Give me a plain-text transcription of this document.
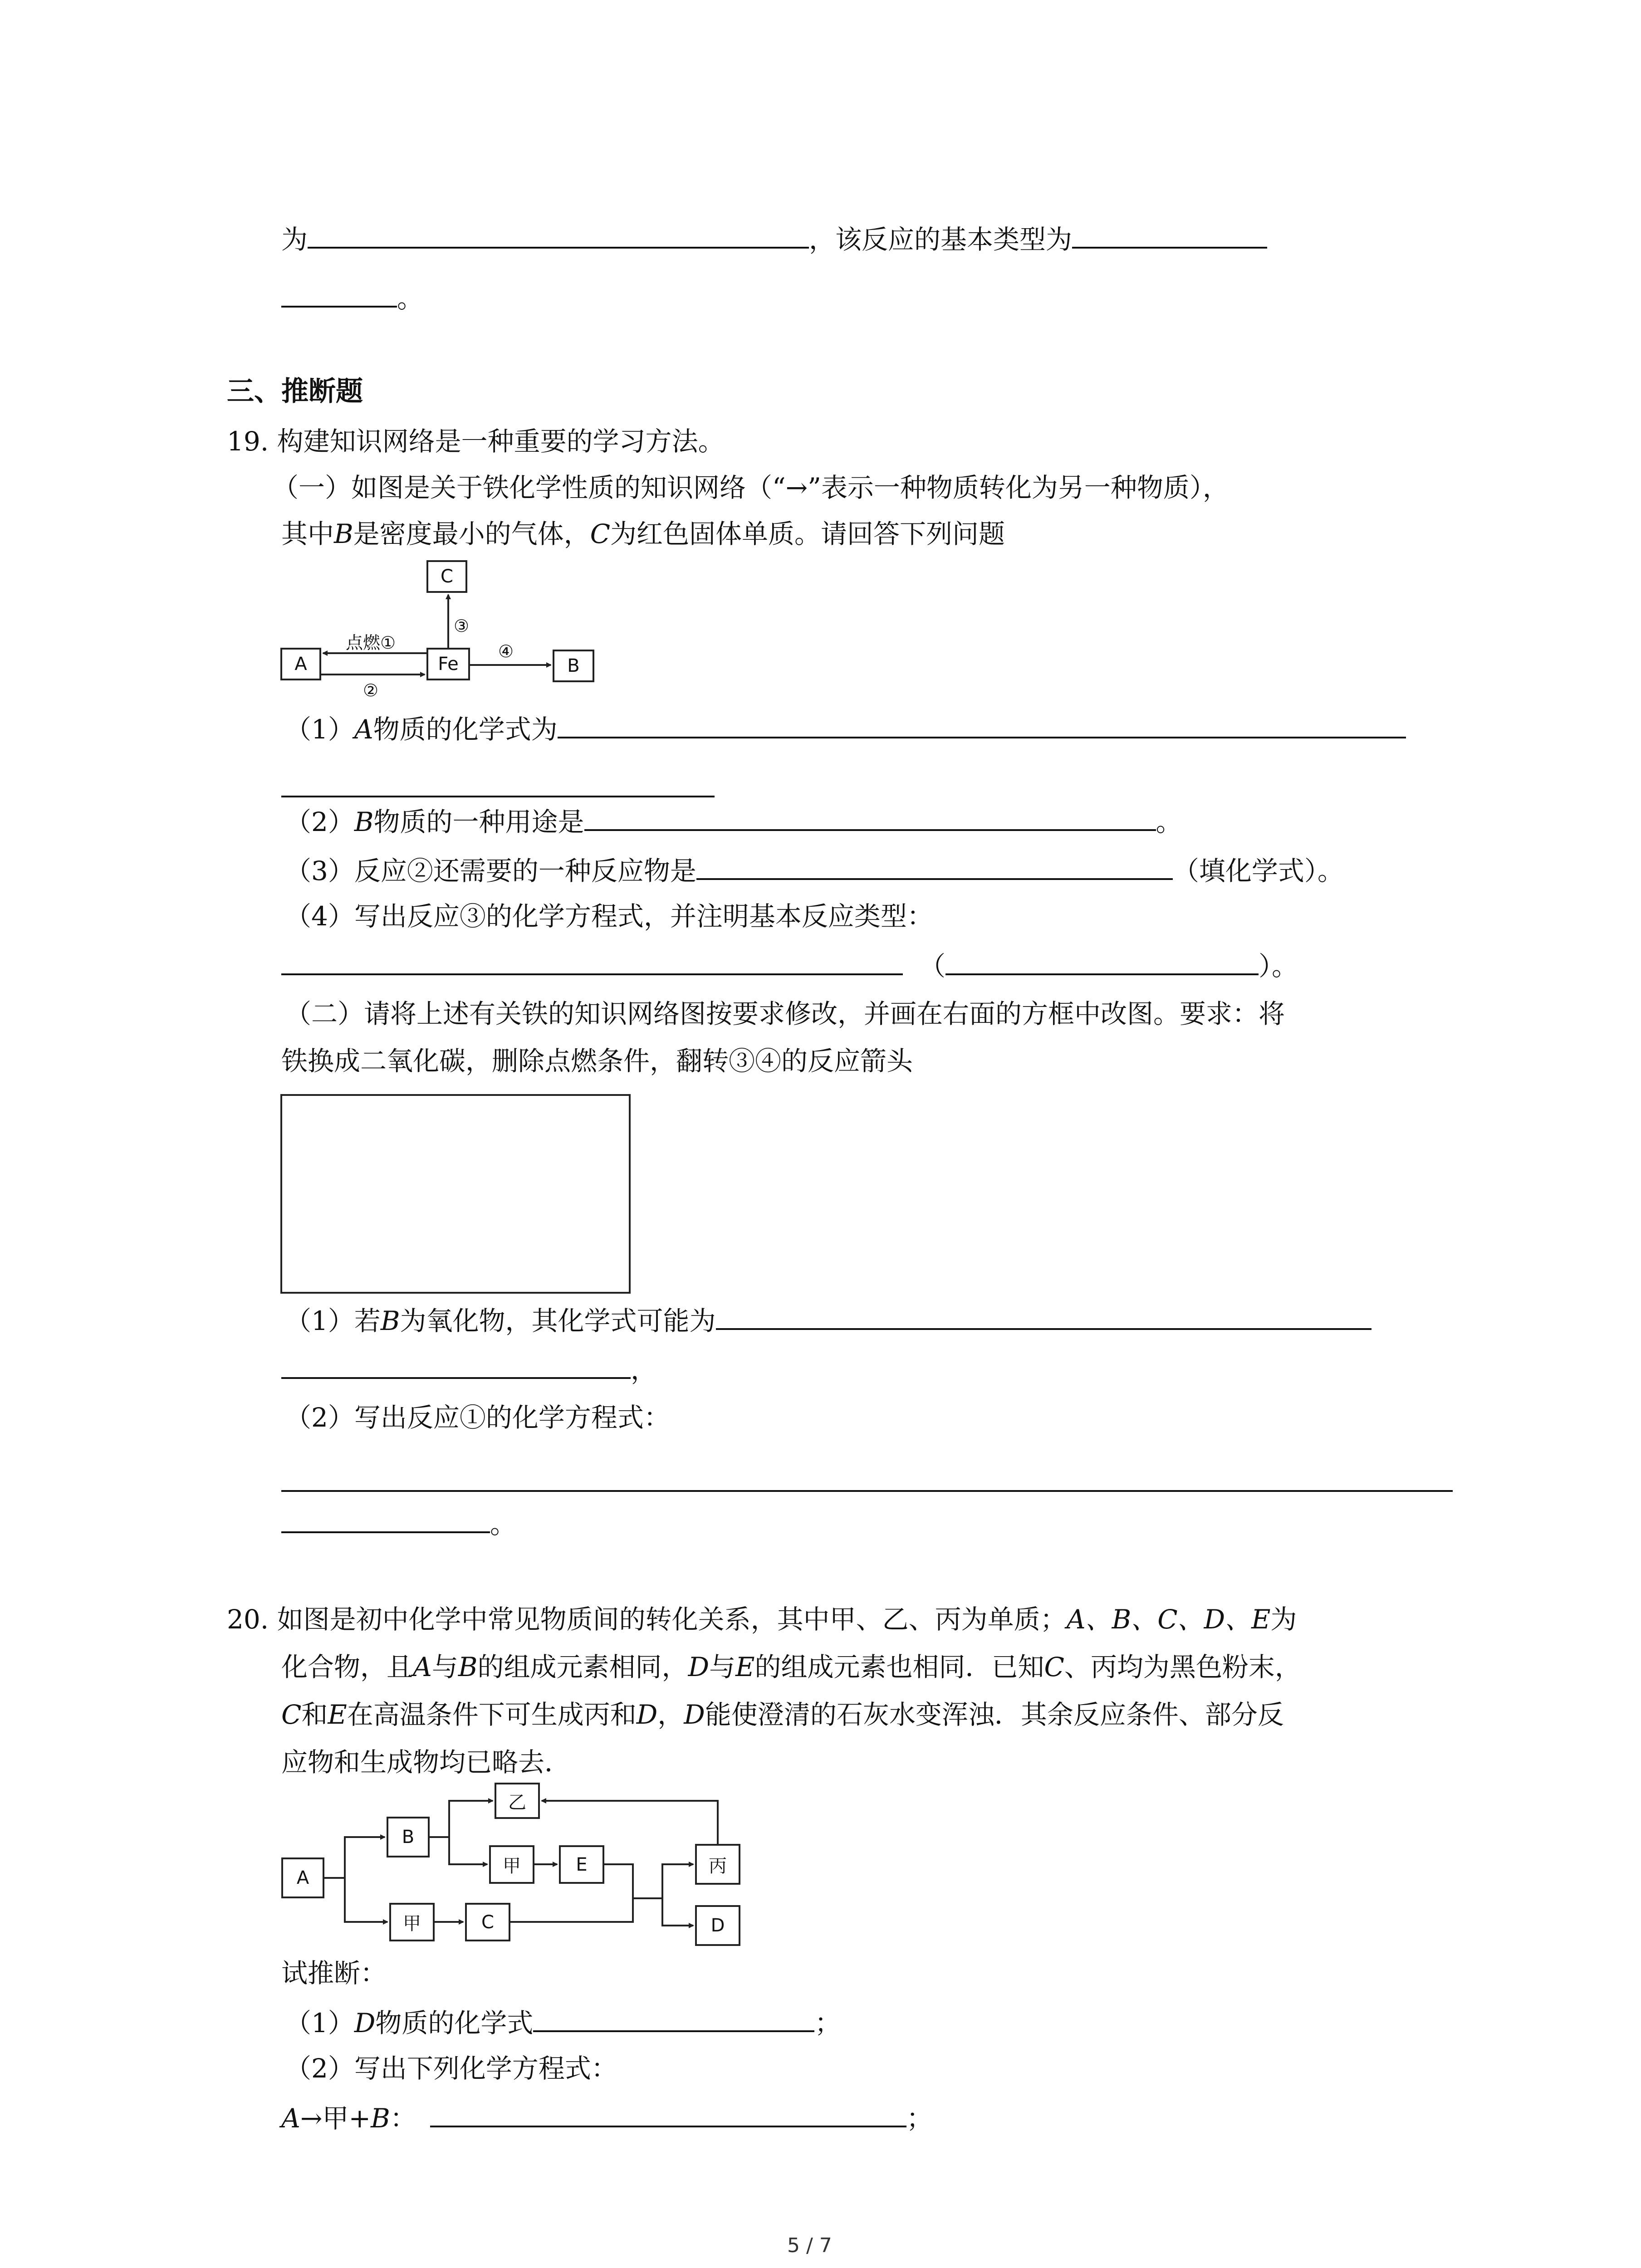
为	，该反应的基本类型为
。
三、推断题
19. 构建知识网络是一种重要的学习方法。
（一）如图是关于铁化学性质的知识网络（“→”表示一种物质转化为另一种物质），
其中B是密度最小的气体，C为红色固体单质。请回答下列问题
C
A	Fe	B
点燃①
②
③
④
（1）A物质的化学式为
（2）B物质的一种用途是	。
（3）反应②还需要的一种反应物是	（填化学式）。
（4）写出反应③的化学方程式，并注明基本反应类型：
（	）。
（二）请将上述有关铁的知识网络图按要求修改，并画在右面的方框中改图。要求：将
铁换成二氧化碳，删除点燃条件，翻转③④的反应箭头
（1）若B为氧化物，其化学式可能为
，
（2）写出反应①的化学方程式：
。
20. 如图是初中化学中常见物质间的转化关系，其中甲、乙、丙为单质；A、B、C、D、E为
化合物，且A与B的组成元素相同，D与E的组成元素也相同．已知C、丙均为黑色粉末，
C和E在高温条件下可生成丙和D，D能使澄清的石灰水变浑浊．其余反应条件、部分反
应物和生成物均已略去．
A
B
乙
甲	E	丙
甲	C	D
试推断：
（1）D物质的化学式	；
（2）写出下列化学方程式：
A→甲+B：	；
5 / 7
